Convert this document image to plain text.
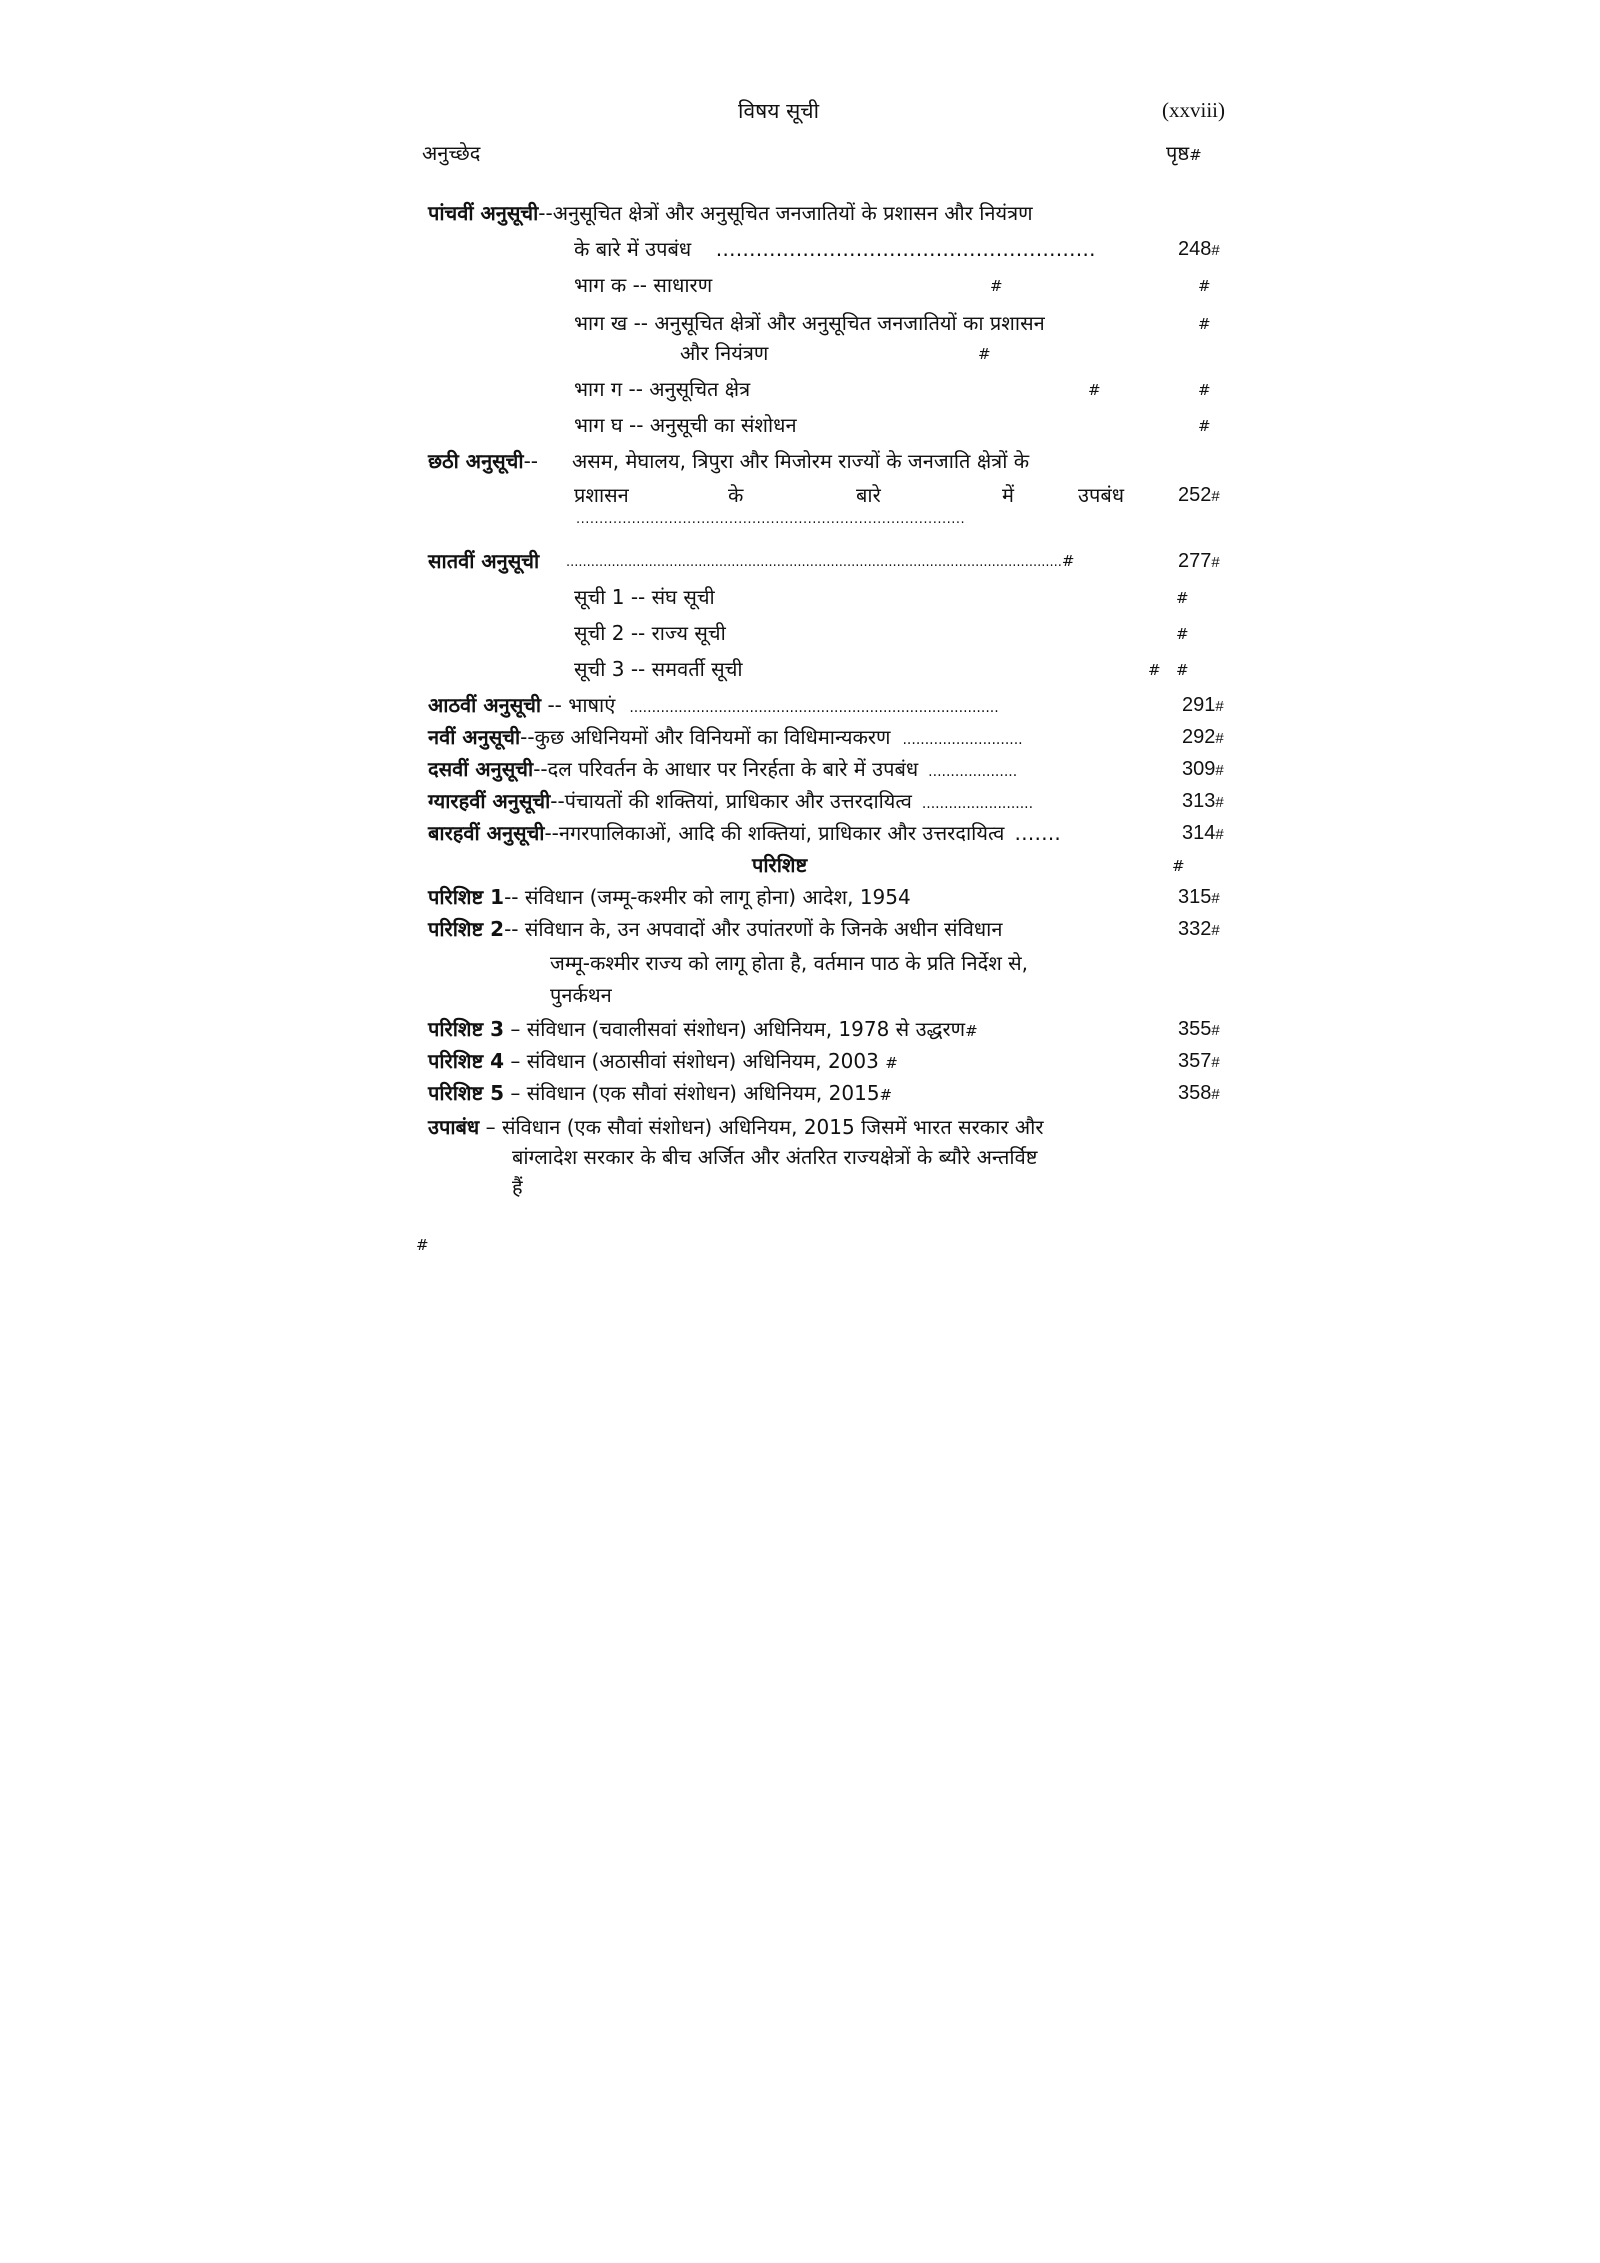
विषय सूची	(xxviii)
अनुच्छेद	पृष्ठ#
पांचवीं अनुसूची--अनुसूचित क्षेत्रों और अनुसूचित जनजातियों के प्रशासन और नियंत्रण
के बारे में उपबंध …………………………………………………	248#
भाग क -- साधारण	#	#
भाग ख -- अनुसूचित क्षेत्रों और अनुसूचित जनजातियों का प्रशासन	#
और नियंत्रण	#
भाग ग -- अनुसूचित क्षेत्र	#	#
भाग घ -- अनुसूची का संशोधन	#
छठी अनुसूची-- असम, मेघालय, त्रिपुरा और मिजोरम राज्यों के जनजाति क्षेत्रों के
प्रशासन	के	बारे	में	उपबंध	252#
....................................................................................
सातवीं अनुसूची ........................................................................................................................#	277#
सूची 1 -- संघ सूची	#
सूची 2 -- राज्य सूची	#
सूची 3 -- समवर्ती सूची	# #
आठवीं अनुसूची -- भाषाएं ...................................................................................	291#
नवीं अनुसूची--कुछ अधिनियमों और विनियमों का विधिमान्यकरण ...........................	292#
दसवीं अनुसूची--दल परिवर्तन के आधार पर निरर्हता के बारे में उपबंध ....................	309#
ग्यारहवीं अनुसूची--पंचायतों की शक्तियां, प्राधिकार और उत्तरदायित्व .........................	313#
बारहवीं अनुसूची--नगरपालिकाओं, आदि की शक्तियां, प्राधिकार और उत्तरदायित्व …….	314#
परिशिष्ट	#
परिशिष्ट 1-- संविधान (जम्मू-कश्मीर को लागू होना) आदेश, 1954	315#
परिशिष्ट 2-- संविधान के, उन अपवादों और उपांतरणों के जिनके अधीन संविधान	332#
जम्मू-कश्मीर राज्य को लागू होता है, वर्तमान पाठ के प्रति निर्देश से,
पुनर्कथन
परिशिष्ट 3 – संविधान (चवालीसवां संशोधन) अधिनियम, 1978 से उद्धरण#	355#
परिशिष्ट 4 – संविधान (अठासीवां संशोधन) अधिनियम, 2003 #	357#
परिशिष्ट 5 – संविधान (एक सौवां संशोधन) अधिनियम, 2015#	358#
उपाबंध – संविधान (एक सौवां संशोधन) अधिनियम, 2015 जिसमें भारत सरकार और
बांग्लादेश सरकार के बीच अर्जित और अंतरित राज्यक्षेत्रों के ब्यौरे अन्तर्विष्ट
हैं
#
